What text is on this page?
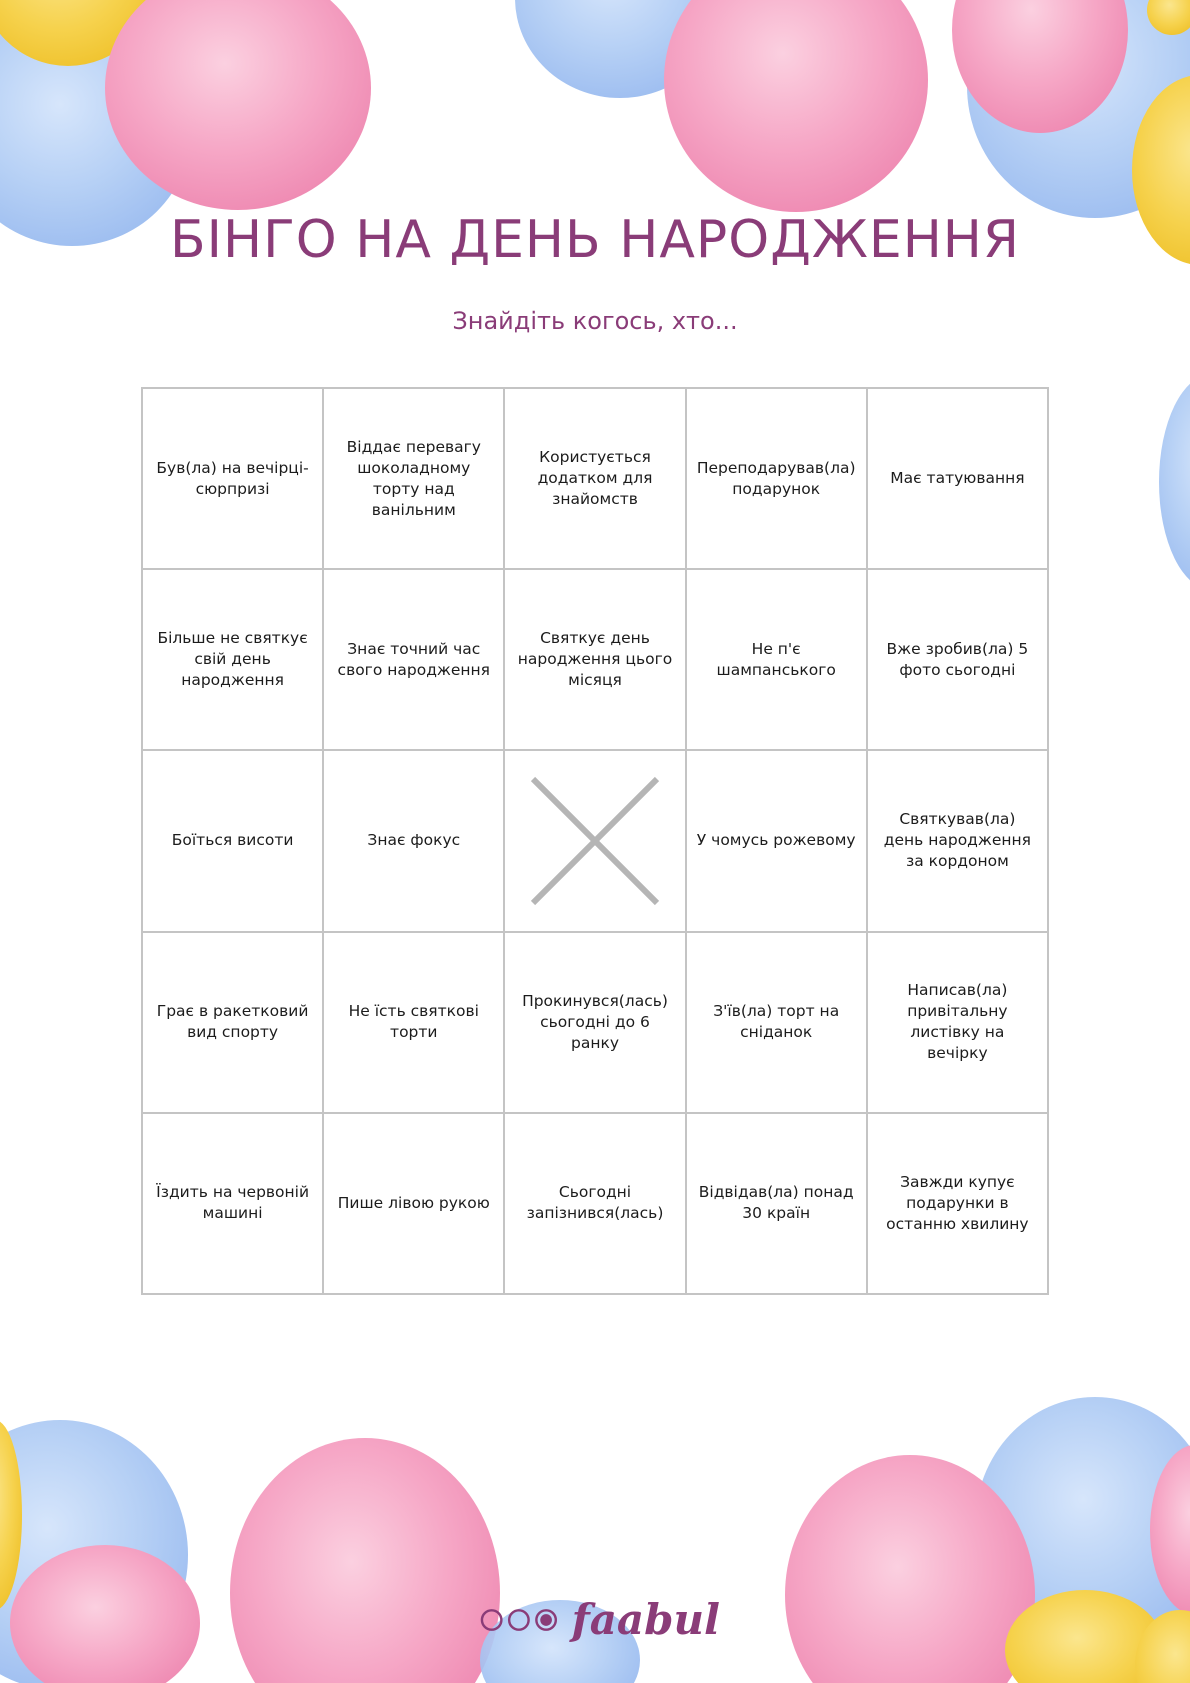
БІНГО НА ДЕНЬ НАРОДЖЕННЯ
Знайдіть когось, хто...
Був(ла) на вечірці-сюрпризі
Віддає перевагу шоколадному торту над ванільним
Користується додатком для знайомств
Переподарував(ла) подарунок
Має татуювання
Більше не святкує свій день народження
Знає точний час свого народження
Святкує день народження цього місяця
Не п'є шампанського
Вже зробив(ла) 5 фото сьогодні
Боїться висоти	Знає фокус	У чомусь рожевому
Святкував(ла) день народження за кордоном
Грає в ракетковий вид спорту
Не їсть святкові торти
Прокинувся(лась) сьогодні до 6 ранку
З'їв(ла) торт на сніданок
Написав(ла) привітальну листівку на вечірку
Їздить на червоній машині
Пише лівою рукою
Сьогодні запізнився(лась)
Відвідав(ла) понад 30 країн
Завжди купує подарунки в останню хвилину
faabul
